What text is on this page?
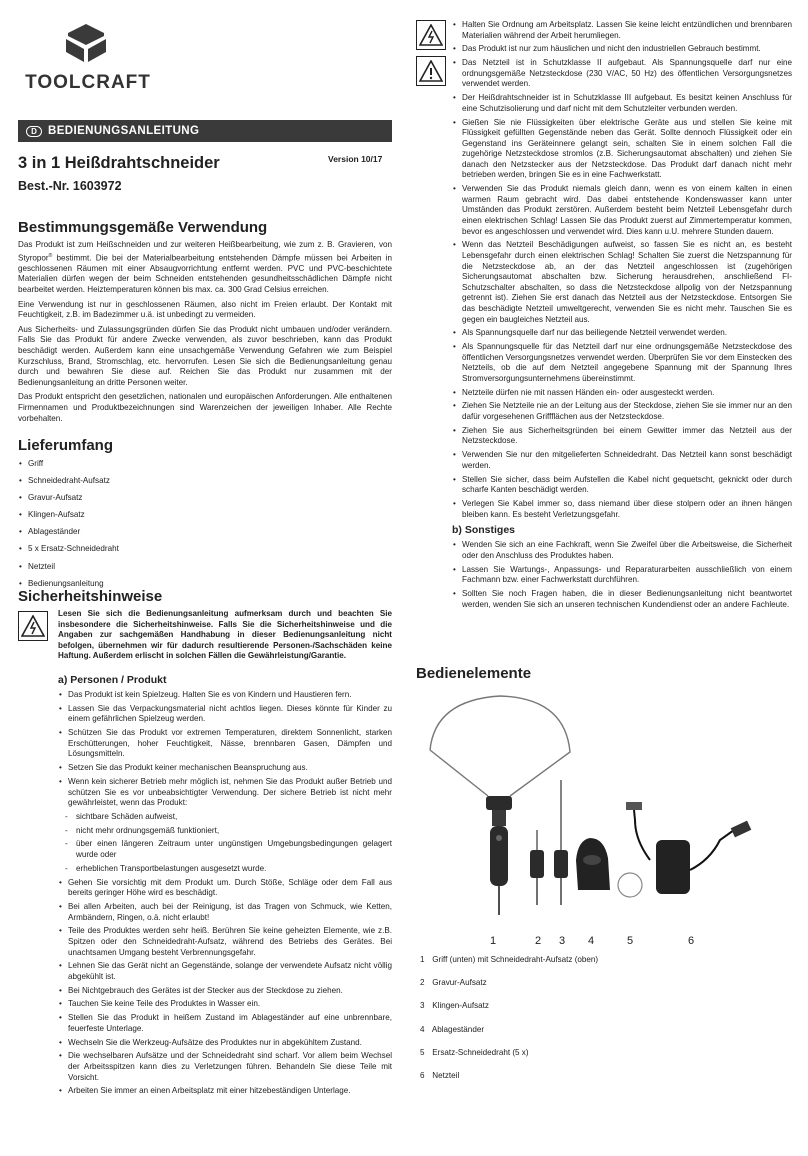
TOOLCRAFT
D BEDIENUNGSANLEITUNG
3 in 1 Heißdrahtschneider	Version 10/17
Best.-Nr. 1603972
Bestimmungsgemäße Verwendung

Das Produkt ist zum Heißschneiden und zur weiteren Heißbearbeitung, wie zum z. B. Gravieren, von Styropor® bestimmt. Die bei der Materialbearbeitung entstehenden Dämpfe müssen bei Arbeiten in geschlossenen Räumen mit einer Absaugvorrichtung entfernt werden. PVC und PVC-beschichtete Materialien dürfen wegen der beim Schneiden entstehenden gesundheitsschädlichen Dämpfe nicht bearbeitet werden. Heiztemperaturen können bis max. ca. 300 Grad Celsius erreichen.

Eine Verwendung ist nur in geschlossenen Räumen, also nicht im Freien erlaubt. Der Kontakt mit Feuchtigkeit, z.B. im Badezimmer u.ä. ist unbedingt zu vermeiden.

Aus Sicherheits- und Zulassungsgründen dürfen Sie das Produkt nicht umbauen und/oder verändern. Falls Sie das Produkt für andere Zwecke verwenden, als zuvor beschrieben, kann das Produkt beschädigt werden. Außerdem kann eine unsachgemäße Verwendung Gefahren wie zum Beispiel Kurzschluss, Brand, Stromschlag, etc. hervorrufen. Lesen Sie sich die Bedienungsanleitung genau durch und bewahren Sie diese auf. Reichen Sie das Produkt nur zusammen mit der Bedienungsanleitung an dritte Personen weiter.

Das Produkt entspricht den gesetzlichen, nationalen und europäischen Anforderungen. Alle enthaltenen Firmennamen und Produktbezeichnungen sind Warenzeichen der jeweiligen Inhaber. Alle Rechte vorbehalten.

Lieferumfang
• Griff
• Schneidedraht-Aufsatz
• Gravur-Aufsatz
• Klingen-Aufsatz
• Ablageständer
• 5 x Ersatz-Schneidedraht
• Netzteil
• Bedienungsanleitung
Sicherheitshinweise

Lesen Sie sich die Bedienungsanleitung aufmerksam durch und beachten Sie insbesondere die Sicherheitshinweise. Falls Sie die Sicherheitshinweise und die Angaben zur sachgemäßen Handhabung in dieser Bedienungsanleitung nicht befolgen, übernehmen wir für dadurch resultierende Personen-/Sachschäden keine Haftung. Außerdem erlischt in solchen Fällen die Gewährleistung/Garantie.

a) Personen / Produkt
• Das Produkt ist kein Spielzeug. Halten Sie es von Kindern und Haustieren fern.
• Lassen Sie das Verpackungsmaterial nicht achtlos liegen. Dieses könnte für Kinder zu einem gefährlichen Spielzeug werden.
• Schützen Sie das Produkt vor extremen Temperaturen, direktem Sonnenlicht, starken Erschütterungen, hoher Feuchtigkeit, Nässe, brennbaren Gasen, Dämpfen und Lösungsmitteln.
• Setzen Sie das Produkt keiner mechanischen Beanspruchung aus.
• Wenn kein sicherer Betrieb mehr möglich ist, nehmen Sie das Produkt außer Betrieb und schützen Sie es vor unbeabsichtigter Verwendung. Der sichere Betrieb ist nicht mehr gewährleistet, wenn das Produkt:
- sichtbare Schäden aufweist,
- nicht mehr ordnungsgemäß funktioniert,
- über einen längeren Zeitraum unter ungünstigen Umgebungsbedingungen gelagert wurde oder
- erheblichen Transportbelastungen ausgesetzt wurde.
• Gehen Sie vorsichtig mit dem Produkt um. Durch Stöße, Schläge oder dem Fall aus bereits geringer Höhe wird es beschädigt.
• Bei allen Arbeiten, auch bei der Reinigung, ist das Tragen von Schmuck, wie Ketten, Armbändern, Ringen, o.ä. nicht erlaubt!
• Teile des Produktes werden sehr heiß. Berühren Sie keine geheizten Elemente, wie z.B. Spitzen oder den Schneidedraht-Aufsatz, während des Betriebs des Gerätes. Bei unachtsamen Umgang besteht Verbrennungsgefahr.
• Lehnen Sie das Gerät nicht an Gegenstände, solange der verwendete Aufsatz nicht völlig abgekühlt ist.
• Bei Nichtgebrauch des Gerätes ist der Stecker aus der Steckdose zu ziehen.
• Tauchen Sie keine Teile des Produktes in Wasser ein.
• Stellen Sie das Produkt in heißem Zustand im Ablageständer auf eine unbrennbare, feuerfeste Unterlage.
• Wechseln Sie die Werkzeug-Aufsätze des Produktes nur in abgekühltem Zustand.
• Die wechselbaren Aufsätze und der Schneidedraht sind scharf. Vor allem beim Wechsel der Arbeitsspitzen kann dies zu Verletzungen führen. Behandeln Sie diese Teile mit Vorsicht.
• Arbeiten Sie immer an einen Arbeitsplatz mit einer hitzebeständigen Unterlage.
• Halten Sie Ordnung am Arbeitsplatz. Lassen Sie keine leicht entzündlichen und brennbaren Materialien während der Arbeit herumliegen.
• Das Produkt ist nur zum häuslichen und nicht den industriellen Gebrauch bestimmt.
• Das Netzteil ist in Schutzklasse II aufgebaut. Als Spannungsquelle darf nur eine ordnungsgemäße Netzsteckdose (230 V/AC, 50 Hz) des öffentlichen Versorgungsnetzes verwendet werden.
• Der Heißdrahtschneider ist in Schutzklasse III aufgebaut. Es besitzt keinen Anschluss für eine Schutzisolierung und darf nicht mit dem Schutzleiter verbunden werden.
• Gießen Sie nie Flüssigkeiten über elektrische Geräte aus und stellen Sie keine mit Flüssigkeit gefüllten Gegenstände neben das Gerät. Sollte dennoch Flüssigkeit oder ein Gegenstand ins Geräteinnere gelangt sein, schalten Sie in einem solchen Fall die zugehörige Netzsteckdose stromlos (z.B. Sicherungsautomat abschalten) und ziehen Sie danach den Netzstecker aus der Netzsteckdose. Das Produkt darf danach nicht mehr betrieben werden, bringen Sie es in eine Fachwerkstatt.
• Verwenden Sie das Produkt niemals gleich dann, wenn es von einem kalten in einen warmen Raum gebracht wird. Das dabei entstehende Kondenswasser kann unter Umständen das Produkt zerstören. Außerdem besteht beim Netzteil Lebensgefahr durch einen elektrischen Schlag! Lassen Sie das Produkt zuerst auf Zimmertemperatur kommen, bevor es angeschlossen und verwendet wird. Dies kann u.U. mehrere Stunden dauern.
• Wenn das Netzteil Beschädigungen aufweist, so fassen Sie es nicht an, es besteht Lebensgefahr durch einen elektrischen Schlag! Schalten Sie zuerst die Netzspannung für die Netzsteckdose ab, an der das Netzteil angeschlossen ist (zugehörigen Sicherungsautomat abschalten bzw. Sicherung herausdrehen, anschließend FI-Schutzschalter abschalten, so dass die Netzsteckdose allpolig von der Netzspannung getrennt ist). Ziehen Sie erst danach das Netzteil aus der Netzsteckdose. Entsorgen Sie das beschädigte Netzteil umweltgerecht, verwenden Sie es nicht mehr. Tauschen Sie es gegen ein baugleiches Netzteil aus.
• Als Spannungsquelle darf nur das beiliegende Netzteil verwendet werden.
• Als Spannungsquelle für das Netzteil darf nur eine ordnungsgemäße Netzsteckdose des öffentlichen Versorgungsnetzes verwendet werden. Überprüfen Sie vor dem Einstecken des Netzteils, ob die auf dem Netzteil angegebene Spannung mit der Spannung Ihres Stromversorgungsunternehmens übereinstimmt.
• Netzteile dürfen nie mit nassen Händen ein- oder ausgesteckt werden.
• Ziehen Sie Netzteile nie an der Leitung aus der Steckdose, ziehen Sie sie immer nur an den dafür vorgesehenen Griffflächen aus der Netzsteckdose.
• Ziehen Sie aus Sicherheitsgründen bei einem Gewitter immer das Netzteil aus der Netzsteckdose.
• Verwenden Sie nur den mitgelieferten Schneidedraht. Das Netzteil kann sonst beschädigt werden.
• Stellen Sie sicher, dass beim Aufstellen die Kabel nicht gequetscht, geknickt oder durch scharfe Kanten beschädigt werden.
• Verlegen Sie Kabel immer so, dass niemand über diese stolpern oder an ihnen hängen bleiben kann. Es besteht Verletzungsgefahr.
b) Sonstiges
• Wenden Sie sich an eine Fachkraft, wenn Sie Zweifel über die Arbeitsweise, die Sicherheit oder den Anschluss des Produktes haben.
• Lassen Sie Wartungs-, Anpassungs- und Reparaturarbeiten ausschließlich von einem Fachmann bzw. einer Fachwerkstatt durchführen.
• Sollten Sie noch Fragen haben, die in dieser Bedienungsanleitung nicht beantwortet werden, wenden Sie sich an unseren technischen Kundendienst oder an andere Fachleute.
Bedienelemente
1	2 3 4	5	6
1 Griff (unten) mit Schneidedraht-Aufsatz (oben)
2 Gravur-Aufsatz
3 Klingen-Aufsatz
4 Ablageständer
5 Ersatz-Schneidedraht (5 x)
6 Netzteil
